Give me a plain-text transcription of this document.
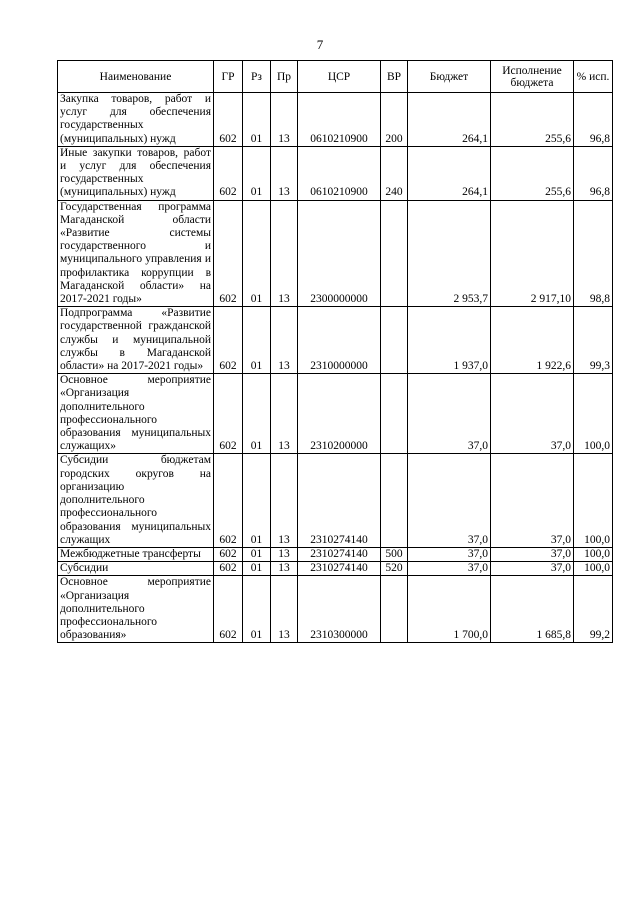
7
Наименование	ГР	Рз	Пр	ЦСР	ВР	Бюджет	Исполнение бюджета	% исп.
Закупка товаров, работ и услуг для обеспечения государственных (муниципальных) нужд	602	01	13	0610210900	200	264,1	255,6	96,8
Иные закупки товаров, работ и услуг для обеспечения государственных (муниципальных) нужд	602	01	13	0610210900	240	264,1	255,6	96,8
Государственная программа Магаданской области «Развитие системы государственного и муниципального управления и профилактика коррупции в Магаданской области» на 2017-2021 годы»	602	01	13	2300000000		2 953,7	2 917,10	98,8
Подпрограмма «Развитие государственной гражданской службы и муниципальной службы в Магаданской области» на 2017-2021 годы»	602	01	13	2310000000		1 937,0	1 922,6	99,3
Основное мероприятие «Организация дополнительного профессионального образования муниципальных служащих»	602	01	13	2310200000		37,0	37,0	100,0
Субсидии бюджетам городских округов на организацию дополнительного профессионального образования муниципальных служащих	602	01	13	2310274140		37,0	37,0	100,0
Межбюджетные трансферты	602	01	13	2310274140	500	37,0	37,0	100,0
Субсидии	602	01	13	2310274140	520	37,0	37,0	100,0
Основное мероприятие «Организация дополнительного профессионального образования»	602	01	13	2310300000		1 700,0	1 685,8	99,2
